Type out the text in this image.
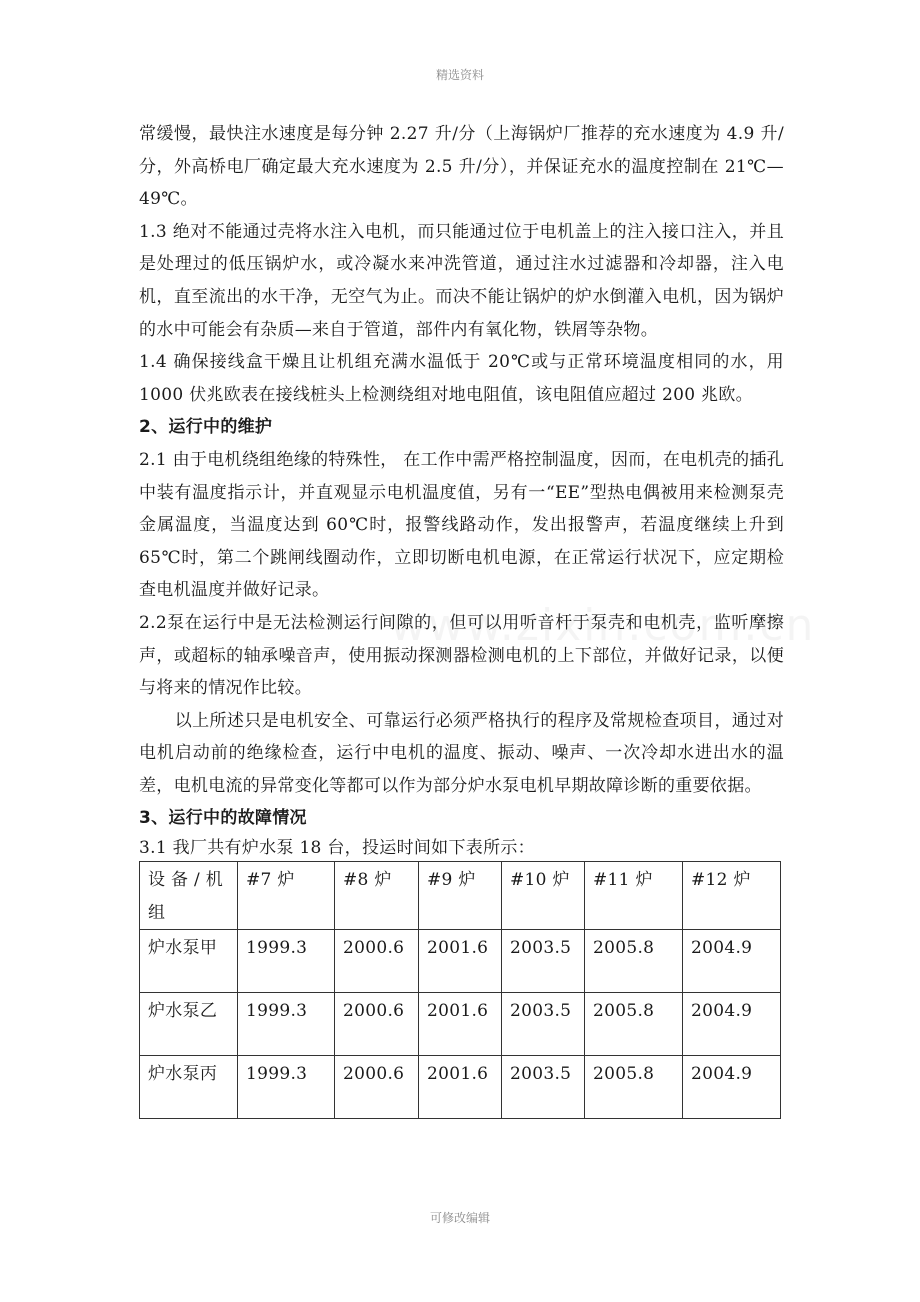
精选资料

常缓慢，最快注水速度是每分钟 2.27 升/分（上海锅炉厂推荐的充水速度为 4.9 升/分，外高桥电厂确定最大充水速度为 2.5 升/分），并保证充水的温度控制在 21℃—49℃。

1.3 绝对不能通过壳将水注入电机，而只能通过位于电机盖上的注入接口注入，并且是处理过的低压锅炉水，或冷凝水来冲洗管道，通过注水过滤器和冷却器，注入电机，直至流出的水干净，无空气为止。而决不能让锅炉的炉水倒灌入电机，因为锅炉的水中可能会有杂质—来自于管道，部件内有氧化物，铁屑等杂物。

1.4 确保接线盒干燥且让机组充满水温低于 20℃或与正常环境温度相同的水，用 1000 伏兆欧表在接线桩头上检测绕组对地电阻值，该电阻值应超过 200 兆欧。

2、运行中的维护

2.1 由于电机绕组绝缘的特殊性， 在工作中需严格控制温度，因而，在电机壳的插孔中装有温度指示计，并直观显示电机温度值，另有一“EE”型热电偶被用来检测泵壳金属温度，当温度达到 60℃时，报警线路动作，发出报警声，若温度继续上升到 65℃时，第二个跳闸线圈动作，立即切断电机电源，在正常运行状况下，应定期检查电机温度并做好记录。

2.2泵在运行中是无法检测运行间隙的，但可以用听音杆于泵壳和电机壳，监听摩擦声，或超标的轴承噪音声，使用振动探测器检测电机的上下部位，并做好记录，以便与将来的情况作比较。

以上所述只是电机安全、可靠运行必须严格执行的程序及常规检查项目，通过对电机启动前的绝缘检查，运行中电机的温度、振动、噪声、一次冷却水进出水的温差，电机电流的异常变化等都可以作为部分炉水泵电机早期故障诊断的重要依据。

3、运行中的故障情况

3.1 我厂共有炉水泵 18 台，投运时间如下表所示：

设 备 / 机组	#7 炉	#8 炉	#9 炉	#10 炉	#11 炉	#12 炉
炉水泵甲	1999.3	2000.6	2001.6	2003.5	2005.8	2004.9
炉水泵乙	1999.3	2000.6	2001.6	2003.5	2005.8	2004.9
炉水泵丙	1999.3	2000.6	2001.6	2003.5	2005.8	2004.9
可修改编辑
